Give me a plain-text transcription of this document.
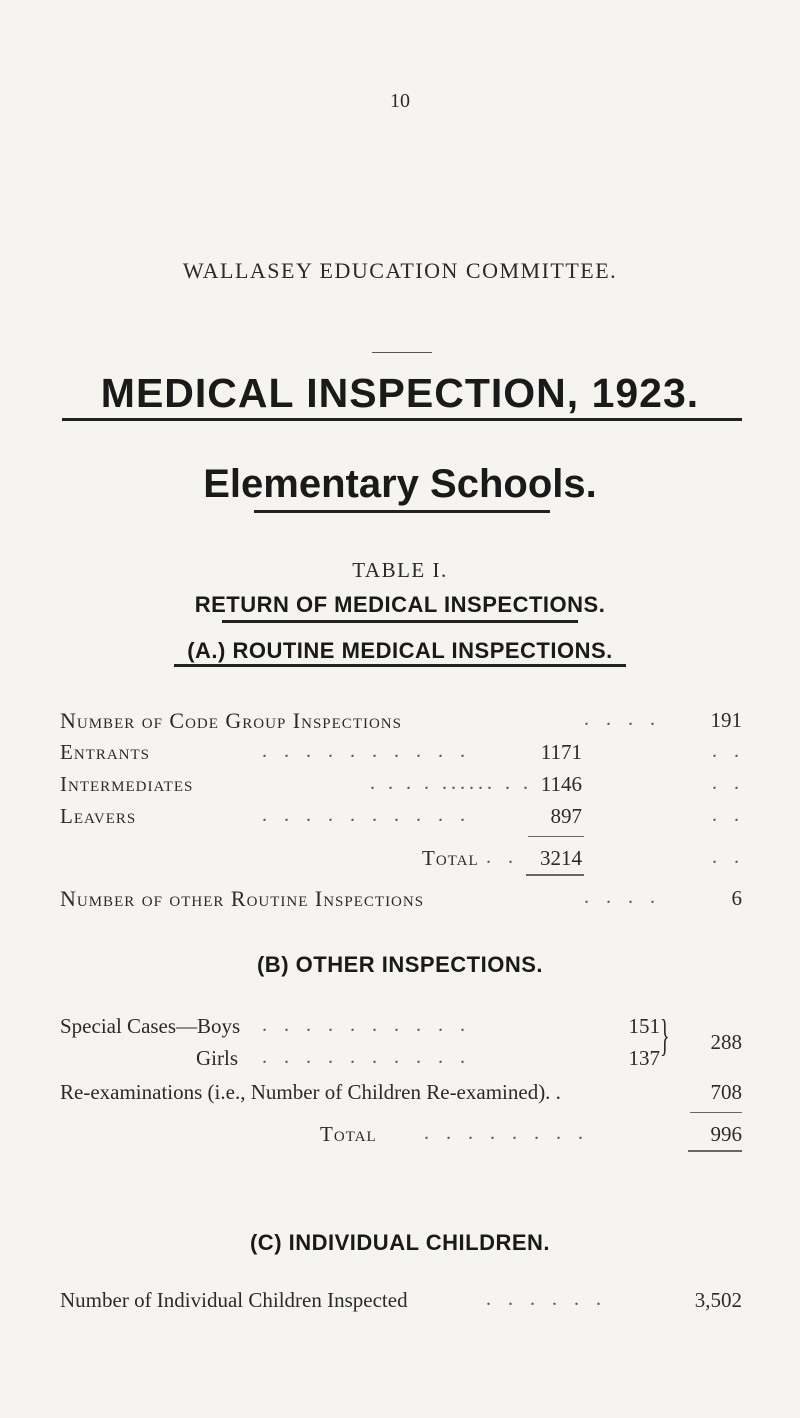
10
WALLASEY EDUCATION COMMITTEE.
MEDICAL INSPECTION, 1923.
Elementary Schools.
TABLE I.
RETURN OF MEDICAL INSPECTIONS.
(A.) ROUTINE MEDICAL INSPECTIONS.
Number of Code Group Inspections	. . . .	191
Entrants	. . . . . . . . . .	1171	. .
Intermediates	. . . . ...... . . 1146	. .
Leavers	. . . . . . . . . .	897	. .
Total . .	3214	. .
Number of other Routine Inspections	. . . .	6
(B) OTHER INSPECTIONS.
Special Cases—Boys . . . . . . . . . .	151
Girls . . . . . . . . . .	137 }	288
Re-examinations (i.e., Number of Children Re-examined). .	708
Total . . . . . . . .	996
(C) INDIVIDUAL CHILDREN.
Number of Individual Children Inspected	. . . . . .	3,502
